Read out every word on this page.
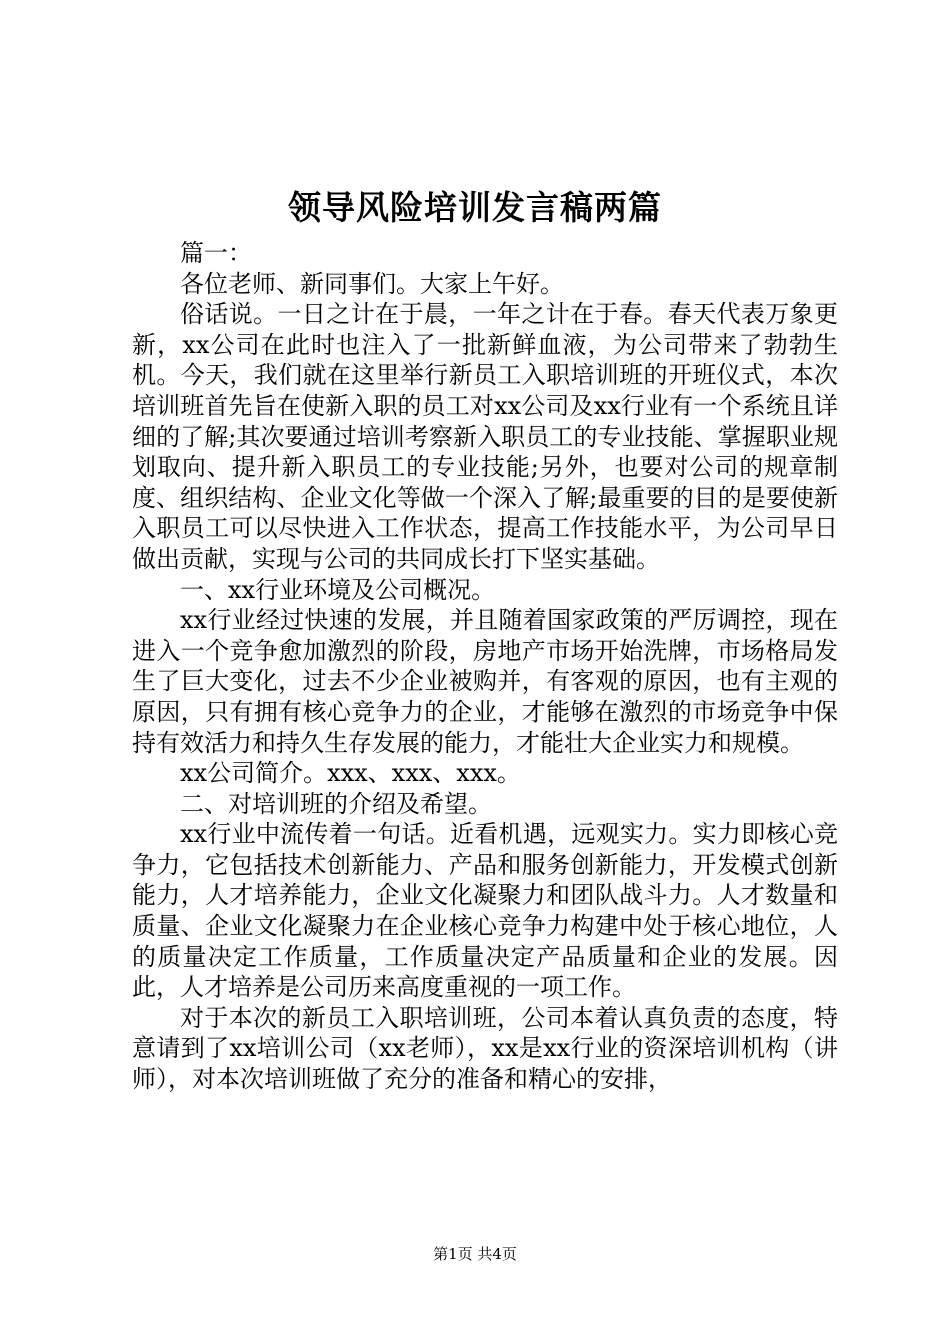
领导风险培训发言稿两篇

篇一：

各位老师、新同事们。大家上午好。

俗话说。一日之计在于晨，一年之计在于春。春天代表万象更新，xx公司在此时也注入了一批新鲜血液，为公司带来了勃勃生机。今天，我们就在这里举行新员工入职培训班的开班仪式，本次培训班首先旨在使新入职的员工对xx公司及xx行业有一个系统且详细的了解;其次要通过培训考察新入职员工的专业技能、掌握职业规划取向、提升新入职员工的专业技能;另外，也要对公司的规章制度、组织结构、企业文化等做一个深入了解;最重要的目的是要使新入职员工可以尽快进入工作状态，提高工作技能水平，为公司早日做出贡献，实现与公司的共同成长打下坚实基础。

一、xx行业环境及公司概况。

xx行业经过快速的发展，并且随着国家政策的严厉调控，现在进入一个竞争愈加激烈的阶段，房地产市场开始洗牌，市场格局发生了巨大变化，过去不少企业被购并，有客观的原因，也有主观的原因，只有拥有核心竞争力的企业，才能够在激烈的市场竞争中保持有效活力和持久生存发展的能力，才能壮大企业实力和规模。

xx公司简介。xxx、xxx、xxx。

二、对培训班的介绍及希望。

xx行业中流传着一句话。近看机遇，远观实力。实力即核心竞争力，它包括技术创新能力、产品和服务创新能力，开发模式创新能力，人才培养能力，企业文化凝聚力和团队战斗力。人才数量和质量、企业文化凝聚力在企业核心竞争力构建中处于核心地位，人的质量决定工作质量，工作质量决定产品质量和企业的发展。因此，人才培养是公司历来高度重视的一项工作。

对于本次的新员工入职培训班，公司本着认真负责的态度，特意请到了xx培训公司（xx老师），xx是xx行业的资深培训机构（讲师），对本次培训班做了充分的准备和精心的安排，

第1页 共4页
